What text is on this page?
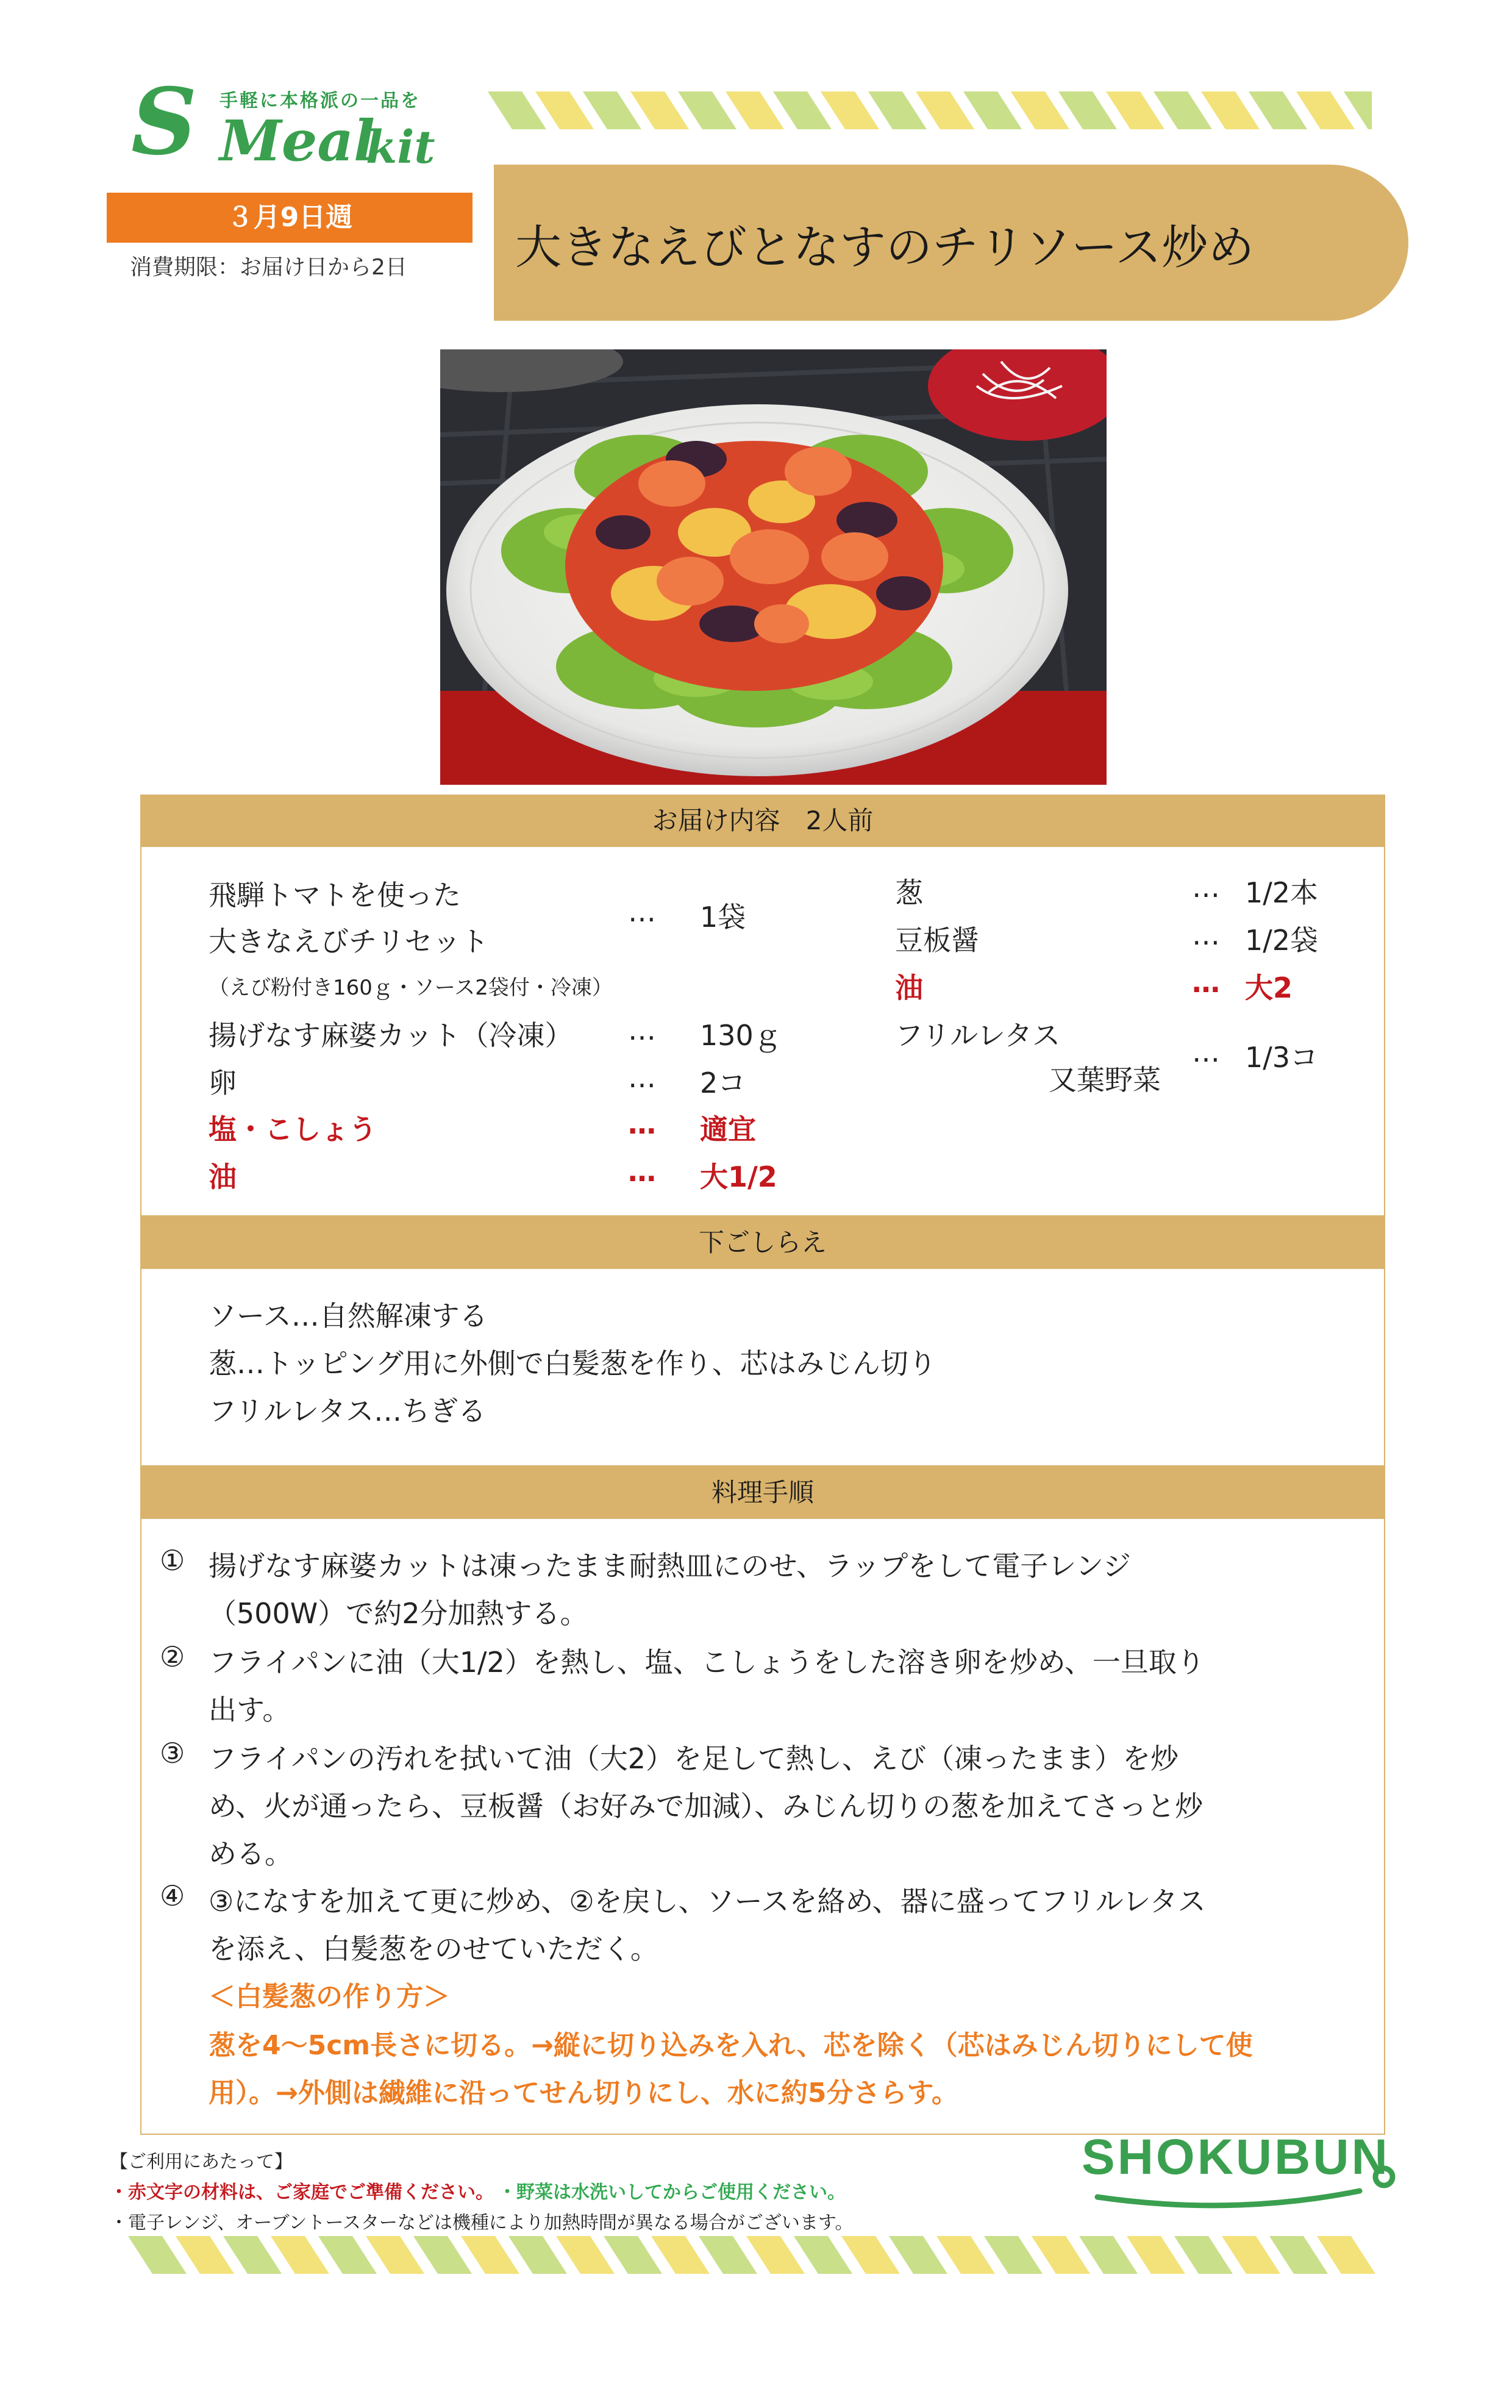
手軽に本格派の一品を
S Meal
kit
３月9日週
消費期限：お届け日から2日 大きなえびとなすのチリソース炒め
お届け内容　2人前
飛騨トマトを使った
大きなえびチリセット
… 1袋
（えび粉付き160ｇ・ソース2袋付・冷凍）
揚げなす麻婆カット（冷凍） … 130ｇ
卵	… 2コ
塩・こしょう	… 適宜
油	… 大1/2
葱	… 1/2本
豆板醤	… 1/2袋
油	… 大2
フリルレタス	… 1/3コ
又葉野菜
下ごしらえ
ソース…自然解凍する
葱…トッピング用に外側で白髪葱を作り、芯はみじん切り
フリルレタス…ちぎる
料理手順
① 揚げなす麻婆カットは凍ったまま耐熱皿にのせ、ラップをして電子レンジ
（500W）で約2分加熱する。
② フライパンに油（大1/2）を熱し、塩、こしょうをした溶き卵を炒め、一旦取り
出す。
③ フライパンの汚れを拭いて油（大2）を足して熱し、えび（凍ったまま）を炒
め、火が通ったら、豆板醤（お好みで加減）、みじん切りの葱を加えてさっと炒
める。
④ ③になすを加えて更に炒め、②を戻し、ソースを絡め、器に盛ってフリルレタス
を添え、白髪葱をのせていただく。
＜白髪葱の作り方＞
葱を4～5cm長さに切る。→縦に切り込みを入れ、芯を除く（芯はみじん切りにして使
用）。→外側は繊維に沿ってせん切りにし、水に約5分さらす。
【ご利用にあたって】
・赤文字の材料は、ご家庭でご準備ください。 ・野菜は水洗いしてからご使用ください。
・電子レンジ、オーブントースターなどは機種により加熱時間が異なる場合がございます。
SHOKUBUN
